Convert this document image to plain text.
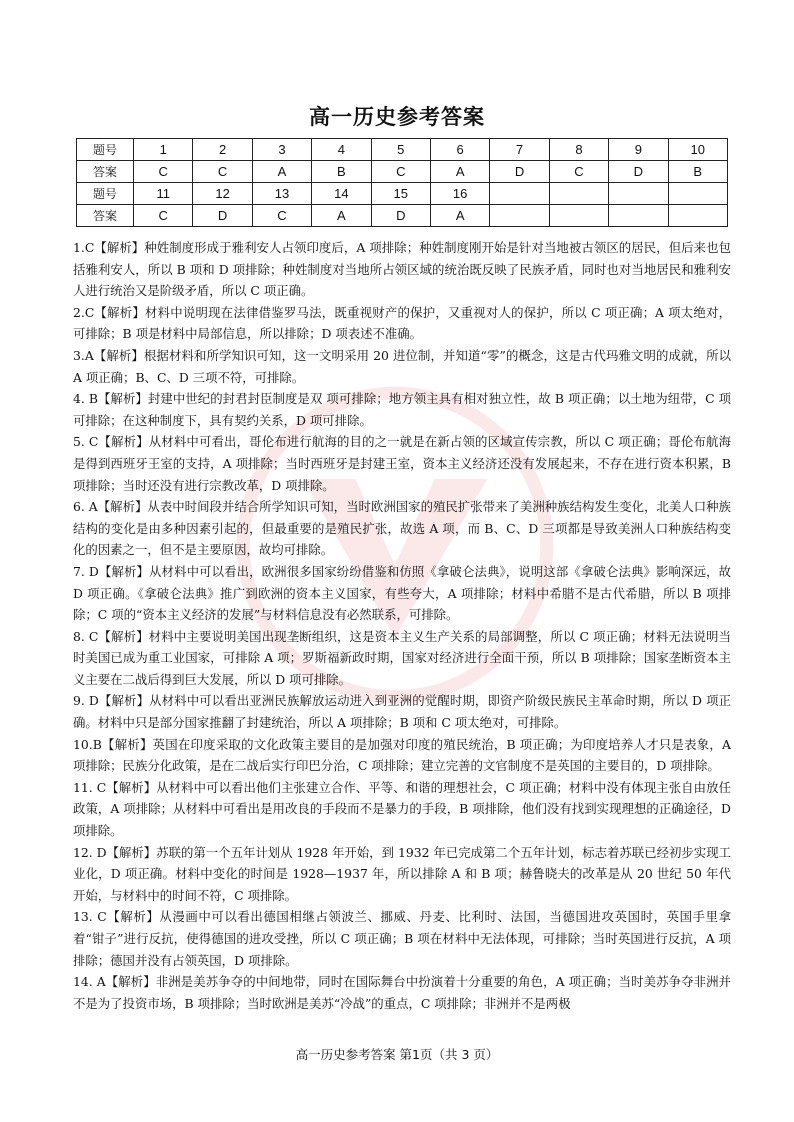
高一历史参考答案
题号	1	2	3	4	5	6	7	8	9	10
答案	C	C	A	B	C	A	D	C	D	B
题号	11	12	13	14	15	16				
答案	C	D	C	A	D	A				

1.C【解析】种姓制度形成于雅利安人占领印度后，A 项排除；种姓制度刚开始是针对当地被古领区的居民，但后来也包括雅利安人，所以 B 项和 D 项排除；种姓制度对当地所占领区域的统治既反映了民族矛盾，同时也对当地居民和雅利安人进行统治又是阶级矛盾，所以 C 项正确。

2.C【解析】材料中说明现在法律借鉴罗马法，既重视财产的保护，又重视对人的保护，所以 C 项正确；A 项太绝对，可排除；B 项是材料中局部信息，所以排除；D 项表述不准确。

3.A【解析】根据材料和所学知识可知，这一文明采用 20 进位制，并知道“零”的概念，这是古代玛雅文明的成就，所以 A 项正确；B、C、D 三项不符，可排除。

4. B【解析】封建中世纪的封君封臣制度是双 项可排除；地方领主具有相对独立性，故 B 项正确；以土地为纽带，C 项可排除；在这种制度下，具有契约关系，D 项可排除。

5. C【解析】从材料中可看出，哥伦布进行航海的目的之一就是在新占领的区域宣传宗教，所以 C 项正确；哥伦布航海是得到西班牙王室的支持，A 项排除；当时西班牙是封建王室，资本主义经济还没有发展起来，不存在进行资本积累，B 项排除；当时还没有进行宗教改革，D 项排除。

6. A【解析】从表中时间段并结合所学知识可知，当时欧洲国家的殖民扩张带来了美洲种族结构发生变化，北美人口种族结构的变化是由多种因素引起的，但最重要的是殖民扩张，故选 A 项，而 B、C、D 三项都是导致美洲人口种族结构变化的因素之一，但不是主要原因，故均可排除。

7. D【解析】从材料中可以看出，欧洲很多国家纷纷借鉴和仿照《拿破仑法典》，说明这部《拿破仑法典》影响深远，故 D 项正确。《拿破仑法典》推广到欧洲的资本主义国家，有些夸大，A 项排除；材料中希腊不是古代希腊，所以 B 项排除；C 项的“资本主义经济的发展”与材料信息没有必然联系，可排除。

8. C【解析】材料中主要说明美国出现垄断组织，这是资本主义生产关系的局部调整，所以 C 项正确；材料无法说明当时美国已成为重工业国家，可排除 A 项；罗斯福新政时期，国家对经济进行全面干预，所以 B 项排除；国家垄断资本主义主要在二战后得到巨大发展，所以 D 项可排除。

9. D【解析】从材料中可以看出亚洲民族解放运动进入到亚洲的觉醒时期，即资产阶级民族民主革命时期，所以 D 项正确。材料中只是部分国家推翻了封建统治，所以 A 项排除；B 项和 C 项太绝对，可排除。

10.B【解析】英国在印度采取的文化政策主要目的是加强对印度的殖民统治，B 项正确；为印度培养人才只是表象，A 项排除；民族分化政策，是在二战后实行印巴分治，C 项排除；建立完善的文官制度不是英国的主要目的，D 项排除。

11. C【解析】从材料中可以看出他们主张建立合作、平等、和谐的理想社会，C 项正确；材料中没有体现主张自由放任政策，A 项排除；从材料中可看出是用改良的手段而不是暴力的手段，B 项排除，他们没有找到实现理想的正确途径，D 项排除。

12. D【解析】苏联的第一个五年计划从 1928 年开始，到 1932 年已完成第二个五年计划，标志着苏联已经初步实现工业化，D 项正确。材料中变化的时间是 1928—1937 年，所以排除 A 和 B 项；赫鲁晓夫的改革是从 20 世纪 50 年代开始，与材料中的时间不符，C 项排除。

13. C【解析】从漫画中可以看出德国相继占领波兰、挪威、丹麦、比利时、法国，当德国进攻英国时，英国手里拿着“钳子”进行反抗，使得德国的进攻受挫，所以 C 项正确；B 项在材料中无法体现，可排除；当时英国进行反抗，A 项排除；德国并没有占领英国，D 项排除。

14. A【解析】非洲是美苏争夺的中间地带，同时在国际舞台中扮演着十分重要的角色，A 项正确；当时美苏争夺非洲并不是为了投资市场，B 项排除；当时欧洲是美苏“冷战”的重点，C 项排除；非洲并不是两极

高一历史参考答案 第1页（共 3 页）
